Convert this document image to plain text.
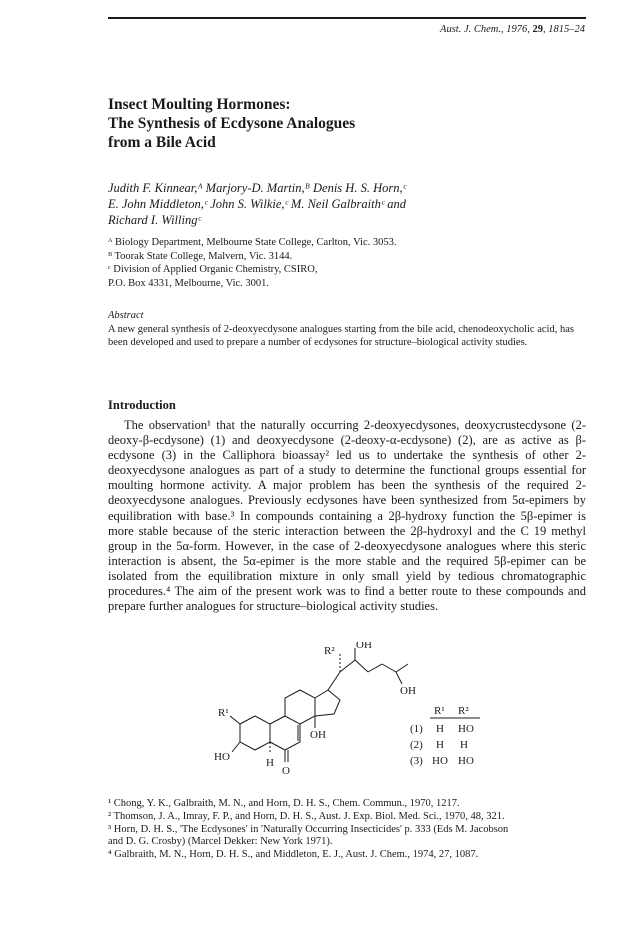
Aust. J. Chem., 1976, 29, 1815–24
Insect Moulting Hormones:
The Synthesis of Ecdysone Analogues
from a Bile Acid
Judith F. Kinnear,ᴬ Marjory-D. Martin,ᴮ Denis H. S. Horn,ᶜ
E. John Middleton,ᶜ John S. Wilkie,ᶜ M. Neil Galbraithᶜ and
Richard I. Willingᶜ
ᴬ Biology Department, Melbourne State College, Carlton, Vic. 3053.
ᴮ Toorak State College, Malvern, Vic. 3144.
ᶜ Division of Applied Organic Chemistry, CSIRO,
P.O. Box 4331, Melbourne, Vic. 3001.
Abstract
A new general synthesis of 2-deoxyecdysone analogues starting from the bile acid, chenodeoxycholic acid, has been developed and used to prepare a number of ecdysones for structure–biological activity studies.
Introduction
The observation¹ that the naturally occurring 2-deoxyecdysones, deoxycrustecdysone (2-deoxy-β-ecdysone) (1) and deoxyecdysone (2-deoxy-α-ecdysone) (2), are as active as β-ecdysone (3) in the Calliphora bioassay² led us to undertake the synthesis of other 2-deoxyecdysone analogues as part of a study to determine the functional groups essential for moulting hormone activity. A major problem has been the synthesis of the required 2-deoxyecdysone analogues. Previously ecdysones have been synthesized from 5α-epimers by equilibration with base.³ In compounds containing a 2β-hydroxy function the 5β-epimer is more stable because of the steric interaction between the 2β-hydroxyl and the C 19 methyl group in the 5α-form. However, in the case of 2-deoxyecdysone analogues where this steric interaction is absent, the 5α-epimer is the more stable and the required 5β-epimer can be isolated from the equilibration mixture in only small yield by tedious chromatographic procedures.⁴ The aim of the present work was to find a better route to these compounds and prepare further analogues for structure–biological activity studies.
OH
R²
OH
R¹
OH
HO	H
O
R¹ R²
(1) H HO
(2) H H
(3) HO HO
¹ Chong, Y. K., Galbraith, M. N., and Horn, D. H. S., Chem. Commun., 1970, 1217.
² Thomson, J. A., Imray, F. P., and Horn, D. H. S., Aust. J. Exp. Biol. Med. Sci., 1970, 48, 321.
³ Horn, D. H. S., 'The Ecdysones' in 'Naturally Occurring Insecticides' p. 333 (Eds M. Jacobson
and D. G. Crosby) (Marcel Dekker: New York 1971).
⁴ Galbraith, M. N., Horn, D. H. S., and Middleton, E. J., Aust. J. Chem., 1974, 27, 1087.
